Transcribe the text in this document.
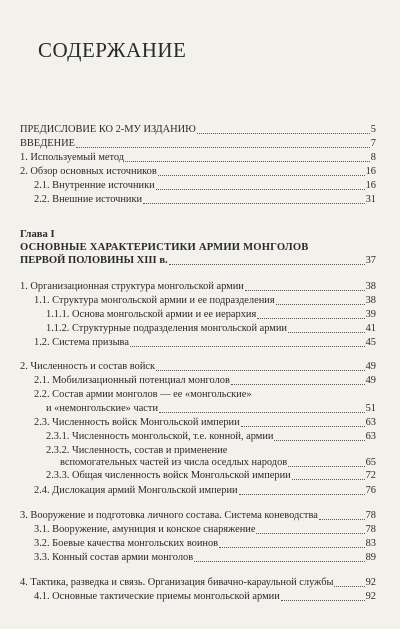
СОДЕРЖАНИЕ
ПРЕДИСЛОВИЕ КО 2-МУ ИЗДАНИЮ	5
ВВЕДЕНИЕ	7
1. Используемый метод	8
2. Обзор основных источников	16
2.1. Внутренние источники	16
2.2. Внешние источники	31
Глава I
ОСНОВНЫЕ ХАРАКТЕРИСТИКИ АРМИИ МОНГОЛОВ
ПЕРВОЙ ПОЛОВИНЫ XIII в.	37
1. Организационная структура монгольской армии	38
1.1. Структура монгольской армии и ее подразделения	38
1.1.1. Основа монгольской армии и ее иерархия	39
1.1.2. Структурные подразделения монгольской армии	41
1.2. Система призыва	45
2. Численность и состав войск	49
2.1. Мобилизационный потенциал монголов	49
2.2. Состав армии монголов — ее «монгольские»
и «немонгольские» части	51
2.3. Численность войск Монгольской империи	63
2.3.1. Численность монгольской, т.е. конной, армии	63
2.3.2. Численность, состав и применение
вспомогательных частей из числа оседлых народов	65
2.3.3. Общая численность войск Монгольской империи	72
2.4. Дислокация армий Монгольской империи	76
3. Вооружение и подготовка личного состава. Система коневодства	78
3.1. Вооружение, амуниция и конское снаряжение	78
3.2. Боевые качества монгольских воинов	83
3.3. Конный состав армии монголов	89
4. Тактика, разведка и связь. Организация бивачно-караульной службы	92
4.1. Основные тактические приемы монгольской армии	92
